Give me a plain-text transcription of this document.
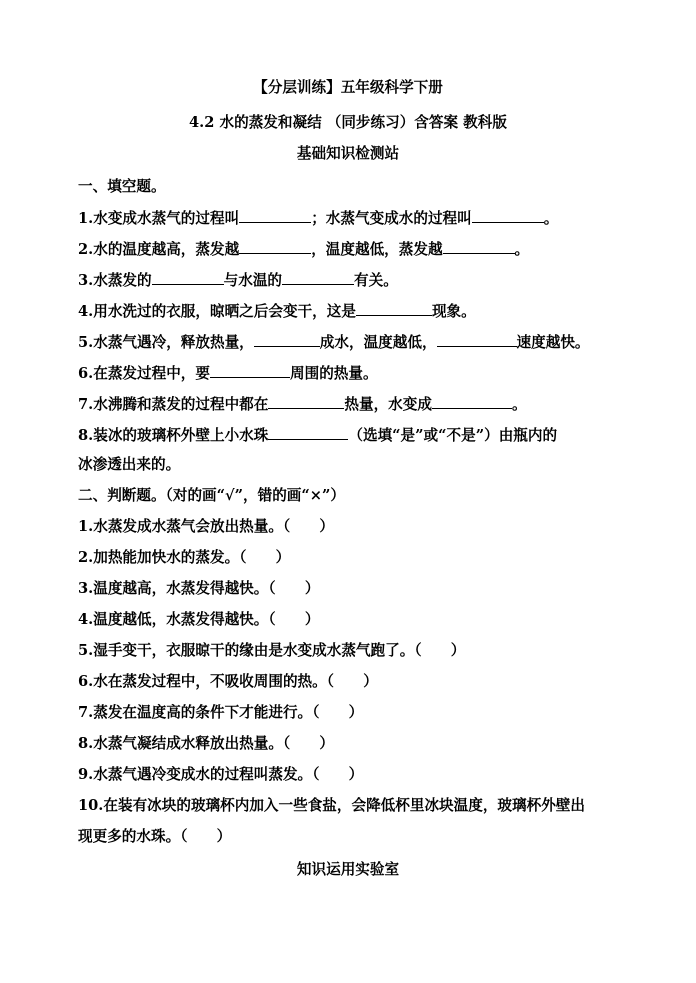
【分层训练】五年级科学下册
4.2 水的蒸发和凝结 （同步练习）含答案 教科版
基础知识检测站
一、填空题。
1.水变成水蒸气的过程叫	；水蒸气变成水的过程叫	。
2.水的温度越高，蒸发越	，温度越低，蒸发越	。
3.水蒸发的	与水温的	有关。
4.用水洗过的衣服，晾晒之后会变干，这是	现象。
5.水蒸气遇冷，释放热量，	成水，温度越低，	速度越快。
6.在蒸发过程中，要	周围的热量。
7.水沸腾和蒸发的过程中都在	热量，水变成	。
8.装冰的玻璃杯外壁上小水珠	（选填“是”或“不是”）由瓶内的
冰渗透出来的。
二、判断题。（对的画“√”，错的画“×”）
1.水蒸发成水蒸气会放出热量。（　　）
2.加热能加快水的蒸发。（　　）
3.温度越高，水蒸发得越快。（　　）
4.温度越低，水蒸发得越快。（　　）
5.湿手变干，衣服晾干的缘由是水变成水蒸气跑了。（　　）
6.水在蒸发过程中，不吸收周围的热。（　　）
7.蒸发在温度高的条件下才能进行。（　　）
8.水蒸气凝结成水释放出热量。（　　）
9.水蒸气遇冷变成水的过程叫蒸发。（　　）
10.在装有冰块的玻璃杯内加入一些食盐，会降低杯里冰块温度，玻璃杯外壁出
现更多的水珠。（　　）
知识运用实验室
